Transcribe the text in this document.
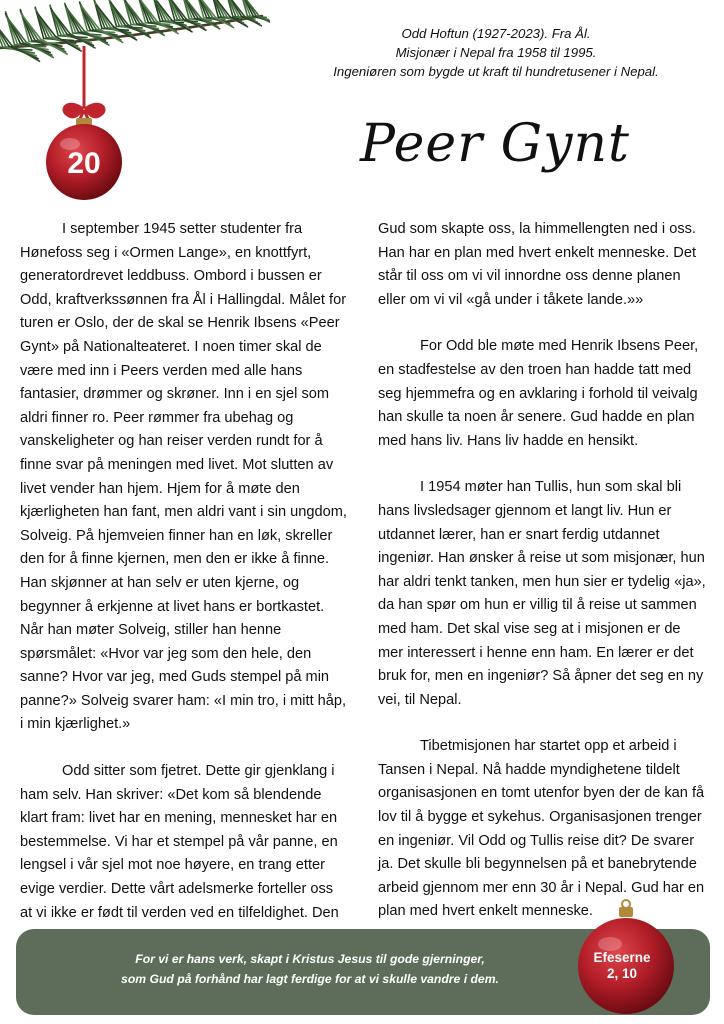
20
Odd Hoftun (1927-2023). Fra Ål.
Misjonær i Nepal fra 1958 til 1995.
Ingeniøren som bygde ut kraft til hundretusener i Nepal.
Peer Gynt

I september 1945 setter studenter fra Hønefoss seg i «Ormen Lange», en knottfyrt, generatordrevet leddbuss. Ombord i bussen er Odd, kraftverkssønnen fra Ål i Hallingdal. Målet for turen er Oslo, der de skal se Henrik Ibsens «Peer Gynt» på Nationalteateret. I noen timer skal de være med inn i Peers verden med alle hans fantasier, drømmer og skrøner. Inn i en sjel som aldri finner ro. Peer rømmer fra ubehag og vanskeligheter og han reiser verden rundt for å finne svar på meningen med livet. Mot slutten av livet vender han hjem. Hjem for å møte den kjærligheten han fant, men aldri vant i sin ungdom, Solveig. På hjemveien finner han en løk, skreller den for å finne kjernen, men den er ikke å finne. Han skjønner at han selv er uten kjerne, og begynner å erkjenne at livet hans er bortkastet. Når han møter Solveig, stiller han henne spørsmålet: «Hvor var jeg som den hele, den sanne? Hvor var jeg, med Guds stempel på min panne?» Solveig svarer ham: «I min tro, i mitt håp, i min kjærlighet.»

Odd sitter som fjetret. Dette gir gjenklang i ham selv. Han skriver: «Det kom så blendende klart fram: livet har en mening, mennesket har en bestemmelse. Vi har et stempel på vår panne, en lengsel i vår sjel mot noe høyere, en trang etter evige verdier. Dette vårt adelsmerke forteller oss at vi ikke er født til verden ved en tilfeldighet. Den

Gud som skapte oss, la himmellengten ned i oss. Han har en plan med hvert enkelt menneske. Det står til oss om vi vil innordne oss denne planen eller om vi vil «gå under i tåkete lande.»»

For Odd ble møte med Henrik Ibsens Peer, en stadfestelse av den troen han hadde tatt med seg hjemmefra og en avklaring i forhold til veivalg han skulle ta noen år senere. Gud hadde en plan med hans liv. Hans liv hadde en hensikt.

I 1954 møter han Tullis, hun som skal bli hans livsledsager gjennom et langt liv. Hun er utdannet lærer, han er snart ferdig utdannet ingeniør. Han ønsker å reise ut som misjonær, hun har aldri tenkt tanken, men hun sier er tydelig «ja», da han spør om hun er villig til å reise ut sammen med ham. Det skal vise seg at i misjonen er de mer interessert i henne enn ham. En lærer er det bruk for, men en ingeniør? Så åpner det seg en ny vei, til Nepal.

Tibetmisjonen har startet opp et arbeid i Tansen i Nepal. Nå hadde myndighetene tildelt organisasjonen en tomt utenfor byen der de kan få lov til å bygge et sykehus. Organisasjonen trenger en ingeniør. Vil Odd og Tullis reise dit? De svarer ja. Det skulle bli begynnelsen på et banebrytende arbeid gjennom mer enn 30 år i Nepal. Gud har en plan med hvert enkelt menneske.

For vi er hans verk, skapt i Kristus Jesus til gode gjerninger,
som Gud på forhånd har lagt ferdige for at vi skulle vandre i dem.
Efeserne
2, 10
